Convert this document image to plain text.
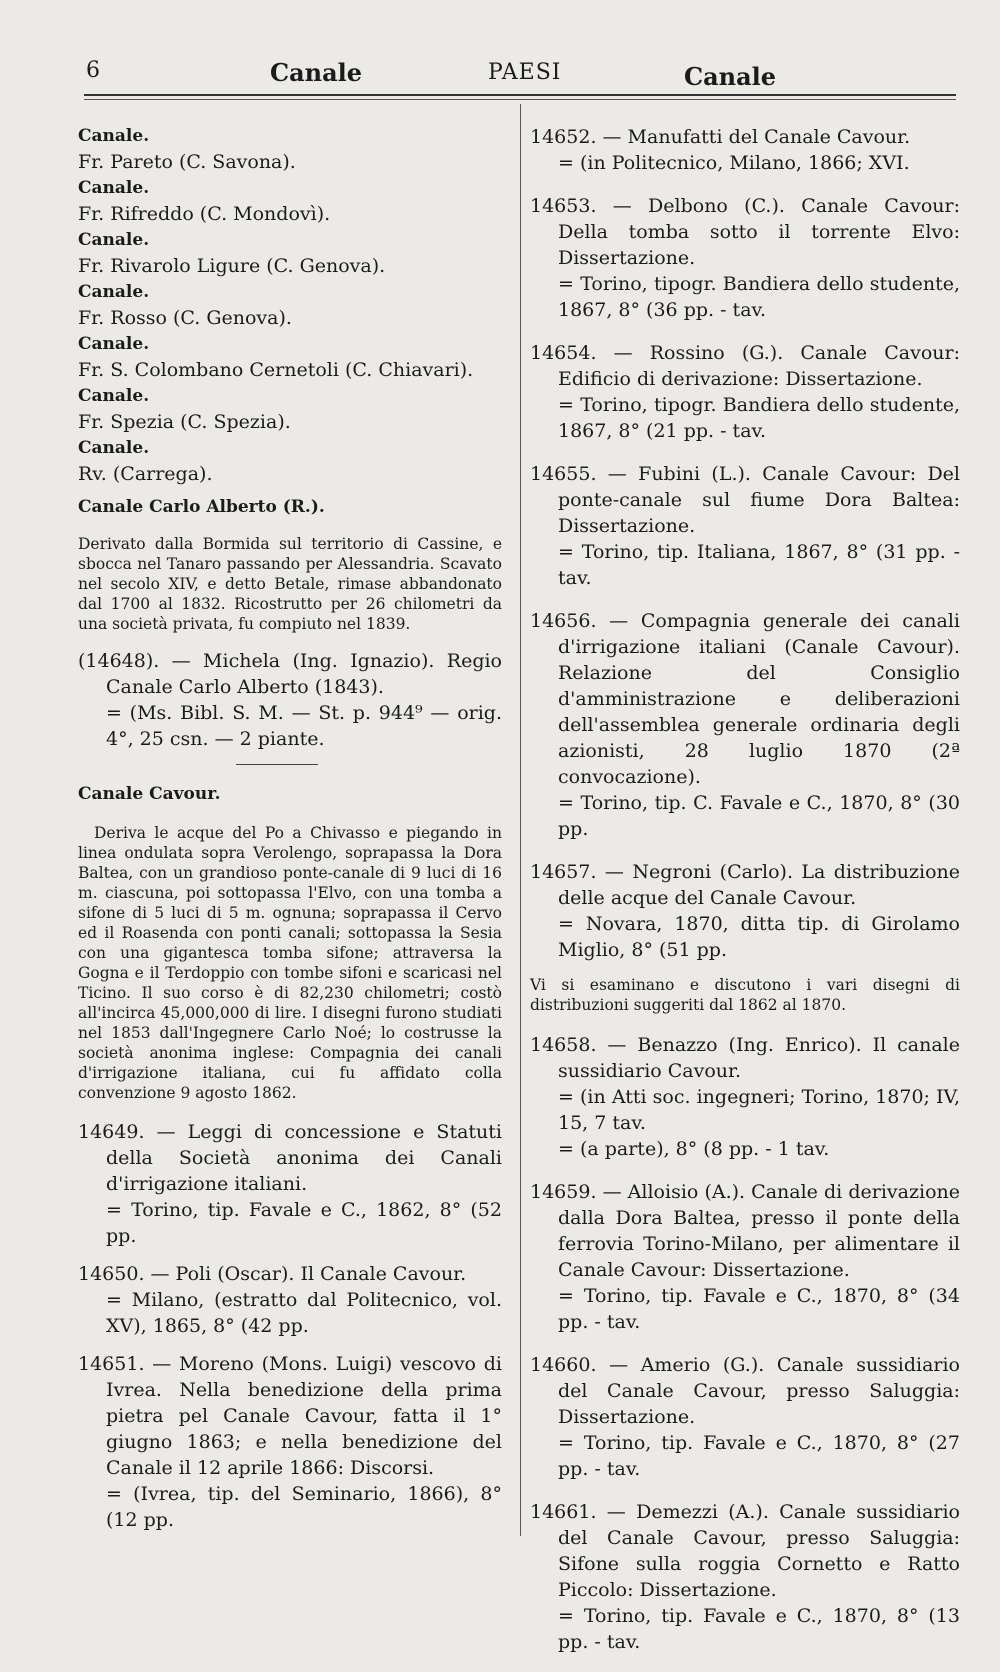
6	Canale	PAESI	Canale

Canale.

Fr. Pareto (C. Savona).

Canale.

Fr. Rifreddo (C. Mondovì).

Canale.

Fr. Rivarolo Ligure (C. Genova).

Canale.

Fr. Rosso (C. Genova).

Canale.

Fr. S. Colombano Cernetoli (C. Chiavari).

Canale.

Fr. Spezia (C. Spezia).

Canale.

Rv. (Carrega).

Canale Carlo Alberto (R.).

Derivato dalla Bormida sul territorio di Cassine, e sbocca nel Tanaro passando per Alessandria. Scavato nel secolo XIV, e detto Betale, rimase abbandonato dal 1700 al 1832. Ricostrutto per 26 chilometri da una società privata, fu compiuto nel 1839.

(14648). — Michela (Ing. Ignazio). Regio Canale Carlo Alberto (1843).
= (Ms. Bibl. S. M. — St. p. 944⁹ — orig. 4°, 25 csn. — 2 piante.

Canale Cavour.

Deriva le acque del Po a Chivasso e piegando in linea ondulata sopra Verolengo, soprapassa la Dora Baltea, con un grandioso ponte-canale di 9 luci di 16 m. ciascuna, poi sottopassa l'Elvo, con una tomba a sifone di 5 luci di 5 m. ognuna; soprapassa il Cervo ed il Roasenda con ponti canali; sottopassa la Sesia con una gigantesca tomba sifone; attraversa la Gogna e il Terdoppio con tombe sifoni e scaricasi nel Ticino. Il suo corso è di 82,230 chilometri; costò all'incirca 45,000,000 di lire. I disegni furono studiati nel 1853 dall'Ingegnere Carlo Noé; lo costrusse la società anonima inglese: Compagnia dei canali d'irrigazione italiana, cui fu affidato colla convenzione 9 agosto 1862.

14649. — Leggi di concessione e Statuti della Società anonima dei Canali d'irrigazione italiani.
= Torino, tip. Favale e C., 1862, 8° (52 pp.
14650. — Poli (Oscar). Il Canale Cavour.
= Milano, (estratto dal Politecnico, vol. XV), 1865, 8° (42 pp.
14651. — Moreno (Mons. Luigi) vescovo di Ivrea. Nella benedizione della prima pietra pel Canale Cavour, fatta il 1° giugno 1863; e nella benedizione del Canale il 12 aprile 1866: Discorsi.
= (Ivrea, tip. del Seminario, 1866), 8° (12 pp.
14652. — Manufatti del Canale Cavour.
= (in Politecnico, Milano, 1866; XVI.
14653. — Delbono (C.). Canale Cavour: Della tomba sotto il torrente Elvo: Dissertazione.
= Torino, tipogr. Bandiera dello studente, 1867, 8° (36 pp. - tav.
14654. — Rossino (G.). Canale Cavour: Edificio di derivazione: Dissertazione.
= Torino, tipogr. Bandiera dello studente, 1867, 8° (21 pp. - tav.
14655. — Fubini (L.). Canale Cavour: Del ponte-canale sul fiume Dora Baltea: Dissertazione.
= Torino, tip. Italiana, 1867, 8° (31 pp. - tav.
14656. — Compagnia generale dei canali d'irrigazione italiani (Canale Cavour). Relazione del Consiglio d'amministrazione e deliberazioni dell'assemblea generale ordinaria degli azionisti, 28 luglio 1870 (2ª convocazione).
= Torino, tip. C. Favale e C., 1870, 8° (30 pp.
14657. — Negroni (Carlo). La distribuzione delle acque del Canale Cavour.
= Novara, 1870, ditta tip. di Girolamo Miglio, 8° (51 pp.

Vi si esaminano e discutono i vari disegni di distribuzioni suggeriti dal 1862 al 1870.

14658. — Benazzo (Ing. Enrico). Il canale sussidiario Cavour.
= (in Atti soc. ingegneri; Torino, 1870; IV, 15, 7 tav.
= (a parte), 8° (8 pp. - 1 tav.
14659. — Alloisio (A.). Canale di derivazione dalla Dora Baltea, presso il ponte della ferrovia Torino-Milano, per alimentare il Canale Cavour: Dissertazione.
= Torino, tip. Favale e C., 1870, 8° (34 pp. - tav.
14660. — Amerio (G.). Canale sussidiario del Canale Cavour, presso Saluggia: Dissertazione.
= Torino, tip. Favale e C., 1870, 8° (27 pp. - tav.
14661. — Demezzi (A.). Canale sussidiario del Canale Cavour, presso Saluggia: Sifone sulla roggia Cornetto e Ratto Piccolo: Dissertazione.
= Torino, tip. Favale e C., 1870, 8° (13 pp. - tav.
